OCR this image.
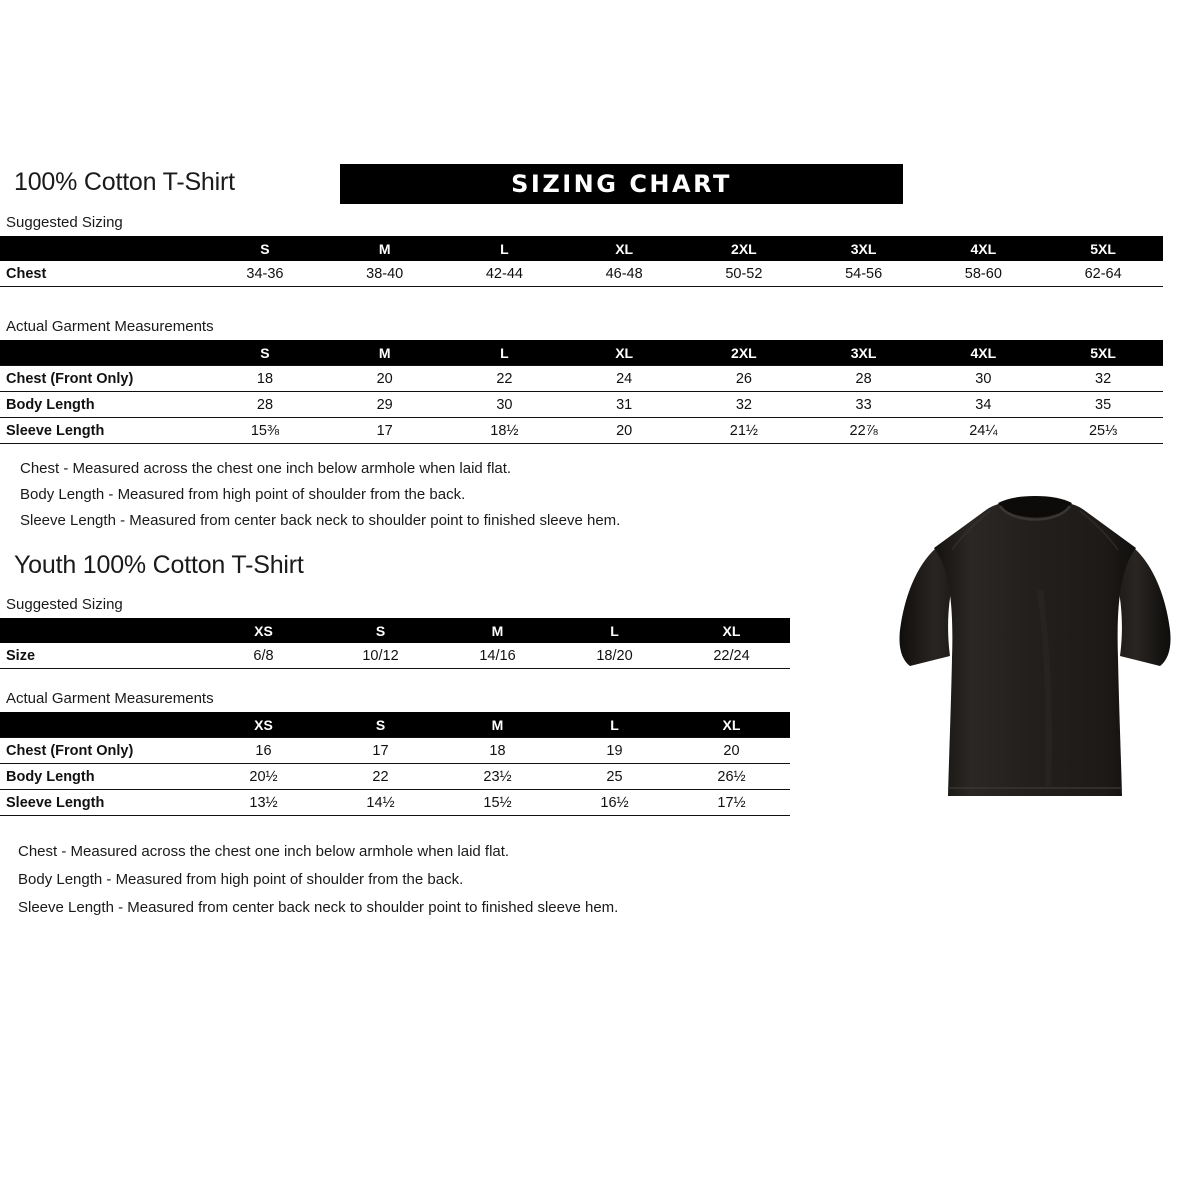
100% Cotton T-Shirt	SIZING CHART
Suggested Sizing
	S	M	L	XL	2XL	3XL	4XL	5XL
Chest	34-36	38-40	42-44	46-48	50-52	54-56	58-60	62-64

Actual Garment Measurements
	S	M	L	XL	2XL	3XL	4XL	5XL

Chest (Front Only)	18	20	22	24	26	28	30	32

Body Length	28	29	30	31	32	33	34	35

Sleeve Length	15⅜	17	18½	20	21½	22⅞	24¼	25⅓

Chest - Measured across the chest one inch below armhole when laid flat.
Body Length - Measured from high point of shoulder from the back.
Sleeve Length - Measured from center back neck to shoulder point to finished sleeve hem.
Youth 100% Cotton T-Shirt
Suggested Sizing
	XS	S	M	L	XL
Size	6/8	10/12	14/16	18/20	22/24

Actual Garment Measurements
	XS	S	M	L	XL

Chest (Front Only)	16	17	18	19	20

Body Length	20½	22	23½	25	26½

Sleeve Length	13½	14½	15½	16½	17½

Chest - Measured across the chest one inch below armhole when laid flat.
Body Length - Measured from high point of shoulder from the back.
Sleeve Length - Measured from center back neck to shoulder point to finished sleeve hem.
